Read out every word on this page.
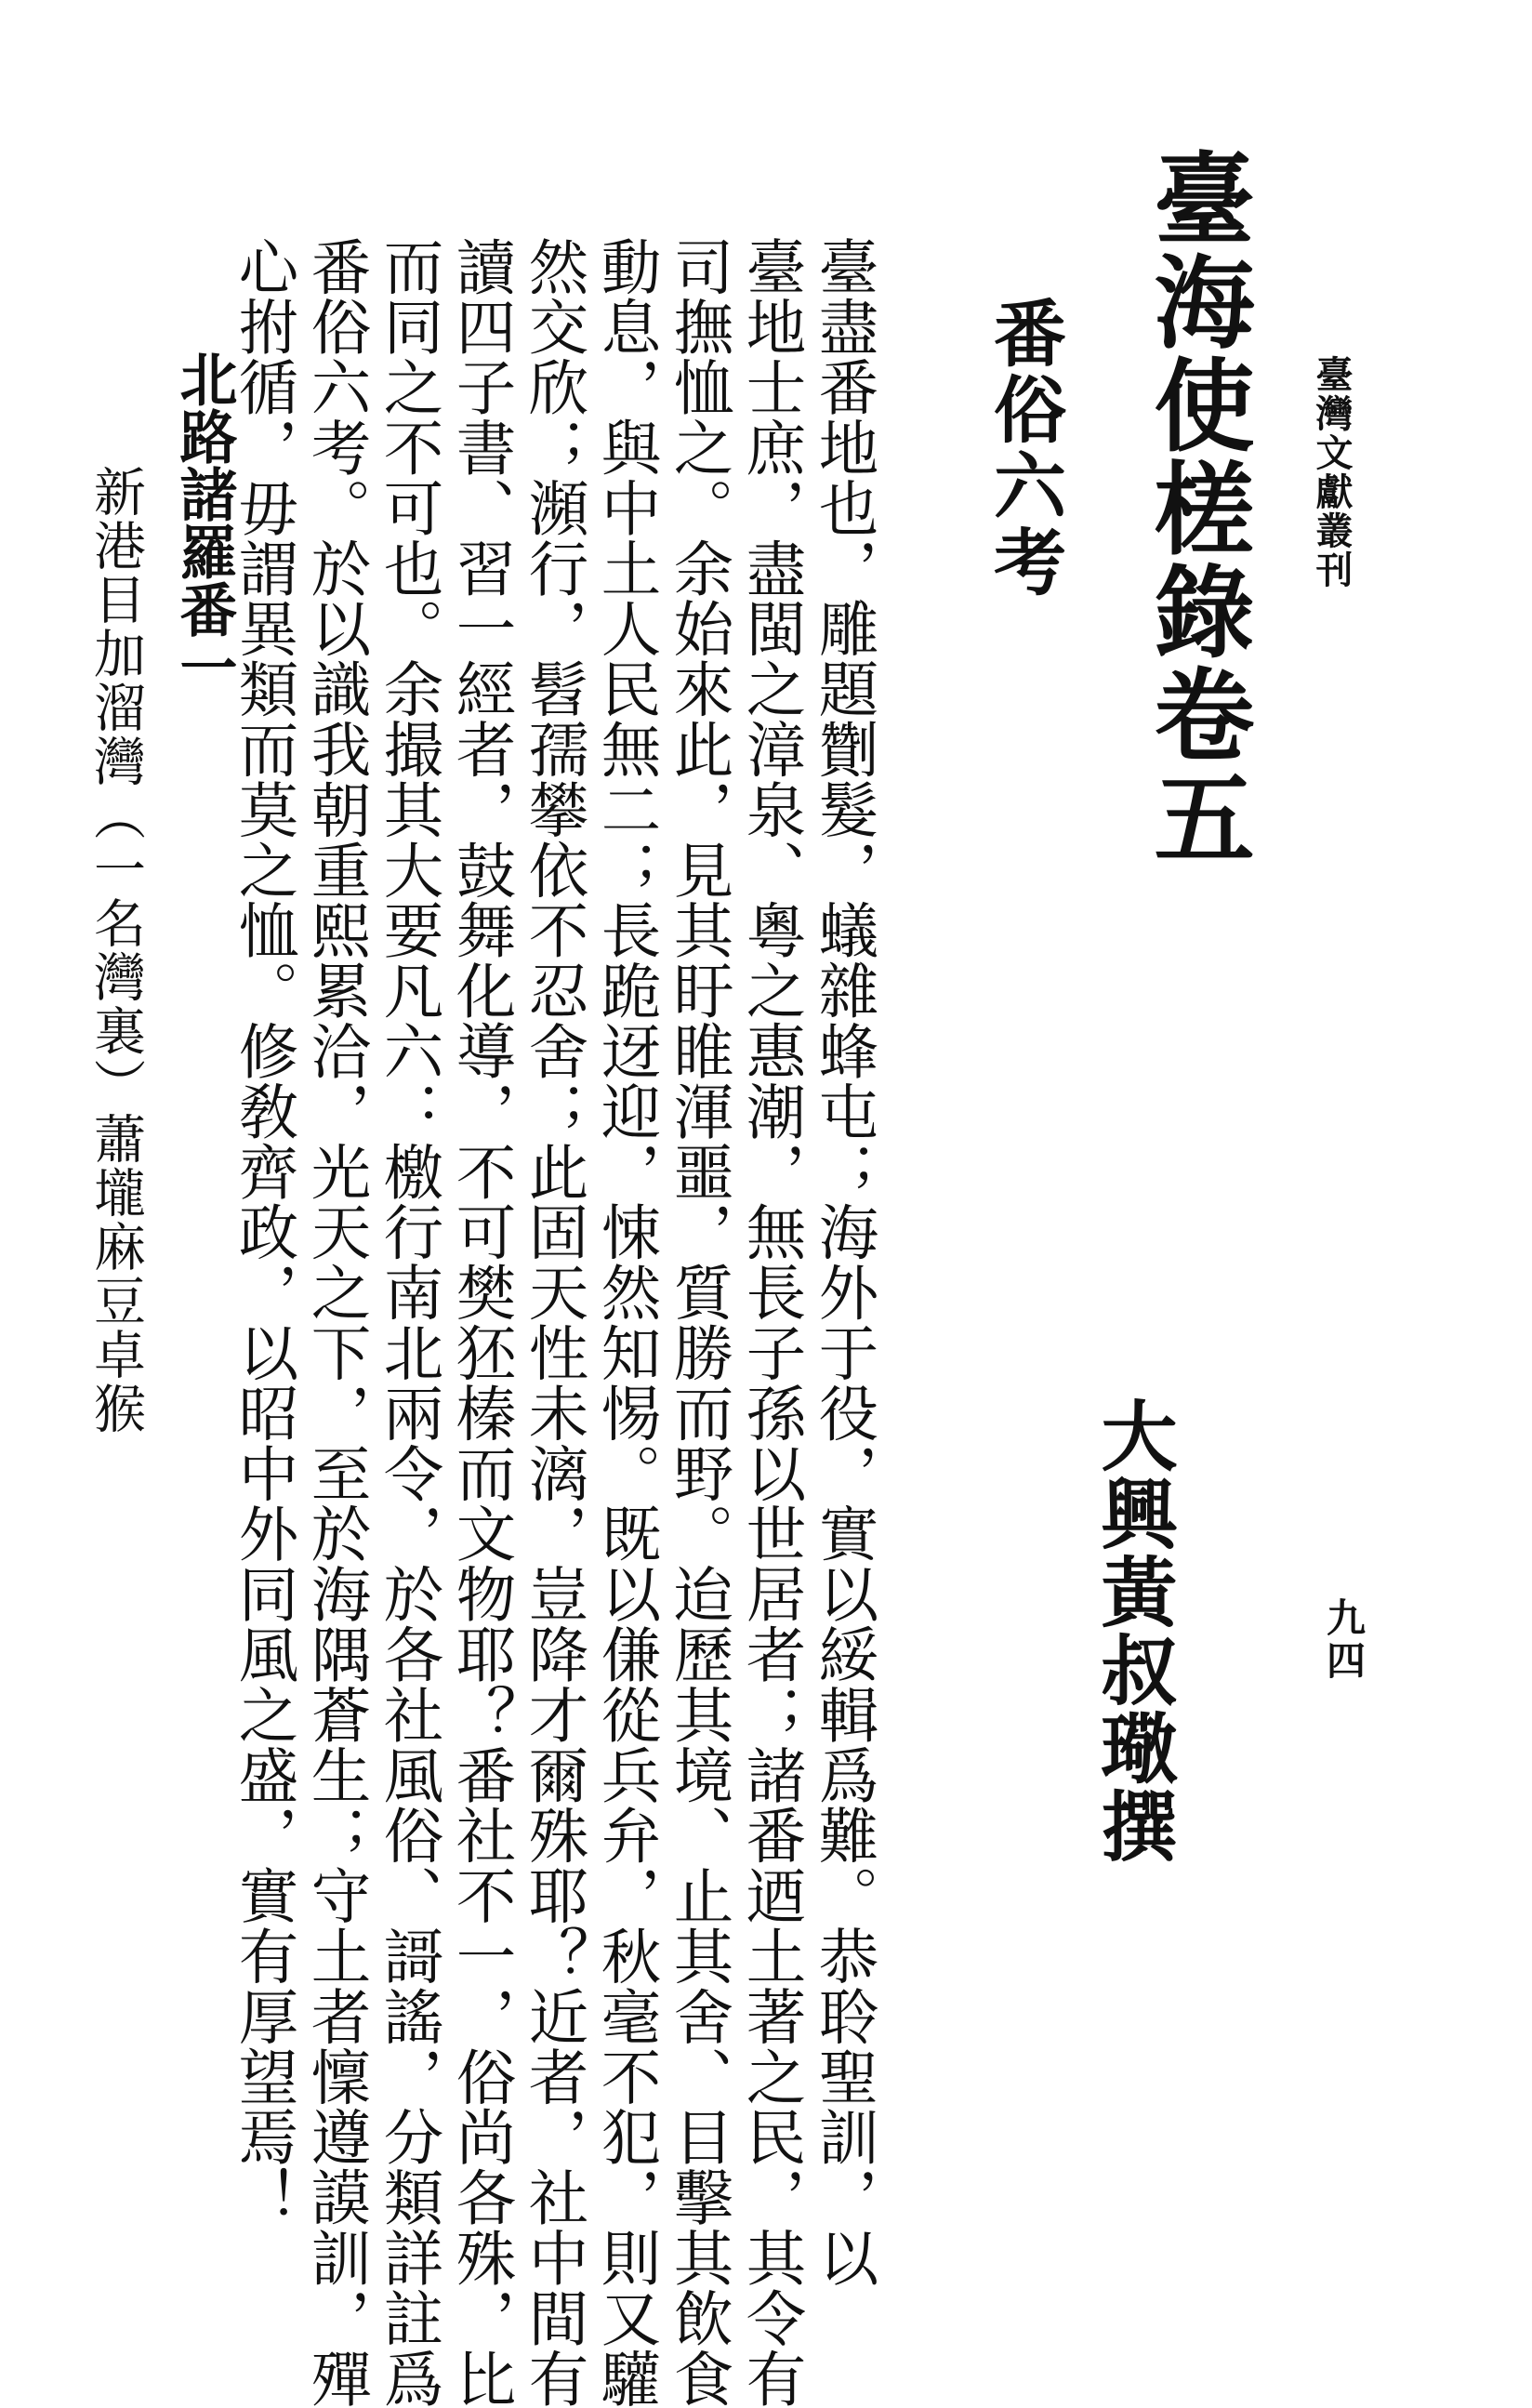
臺灣文獻叢刊
九四
臺海使槎錄卷五
大興黃叔璥撰
番俗六考
臺盡番地也，雕題劗髮，蟻雜蜂屯；海外于役，實以綏輯爲難。恭聆聖訓，以
臺地士庶，盡閩之漳泉、粵之惠潮，無長子孫以世居者；諸番迺土著之民，其令有
司撫恤之。余始來此，見其盱睢渾噩，質勝而野。迨歷其境、止其舍、目擊其飲食
動息，與中土人民無二；長跪迓迎，悚然知惕。既以傔從兵弁，秋毫不犯，則又驩
然交欣；瀕行，髫孺攀依不忍舍；此固天性未漓，豈降才爾殊耶？近者，社中間有
讀四子書、習一經者，鼓舞化導，不可樊狉榛而文物耶？番社不一，俗尚各殊，比
而同之不可也。余撮其大要凡六：檄行南北兩令，於各社風俗、謌謠，分類詳註爲
番俗六考。於以識我朝重熙累洽，光天之下，至於海隅蒼生；守土者懍遵謨訓，殫
心拊循，毋謂異類而莫之恤。修敎齊政，以昭中外同風之盛，實有厚望焉！
北路諸羅番一
新港目加溜灣（一名灣裏）蕭壠麻豆卓猴
